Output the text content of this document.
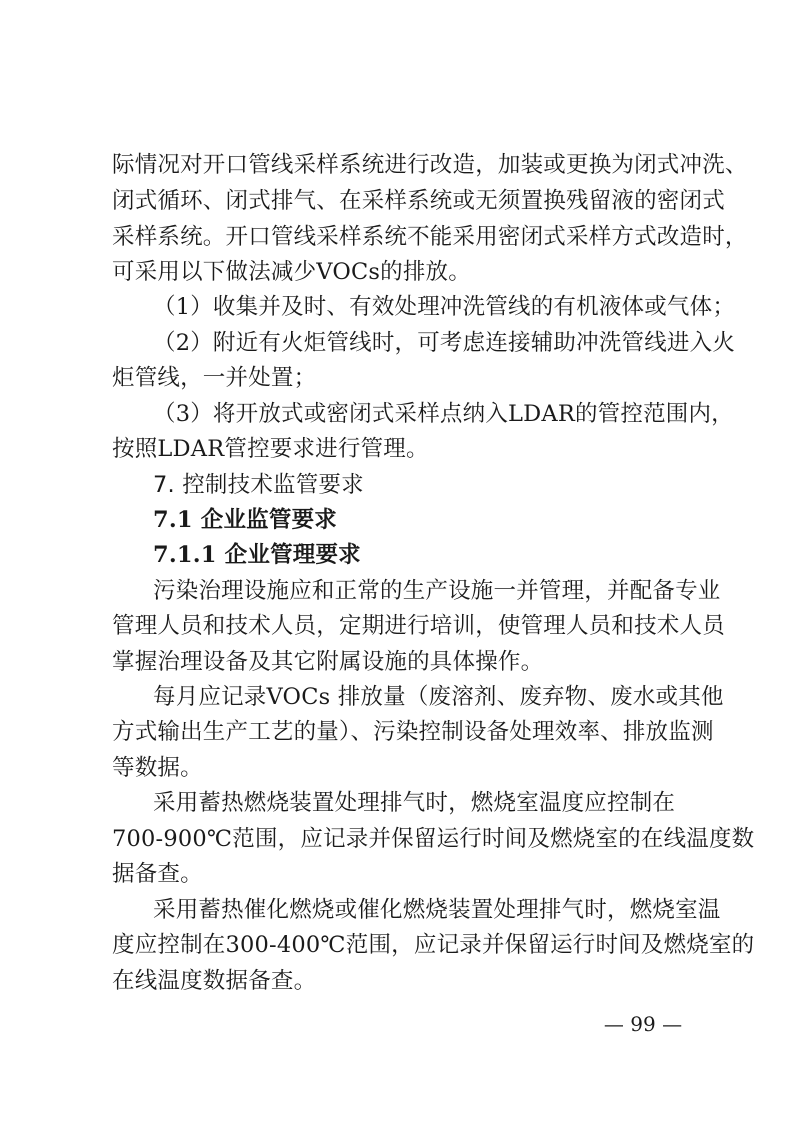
际情况对开口管线采样系统进行改造，加装或更换为闭式冲洗、
闭式循环、闭式排气、在采样系统或无须置换残留液的密闭式
采样系统。开口管线采样系统不能采用密闭式采样方式改造时，
可采用以下做法减少VOCs的排放。
（1）收集并及时、有效处理冲洗管线的有机液体或气体；
（2）附近有火炬管线时，可考虑连接辅助冲洗管线进入火
炬管线，一并处置；
（3）将开放式或密闭式采样点纳入LDAR的管控范围内，
按照LDAR管控要求进行管理。
7. 控制技术监管要求
7.1 企业监管要求
7.1.1 企业管理要求
污染治理设施应和正常的生产设施一并管理，并配备专业
管理人员和技术人员，定期进行培训，使管理人员和技术人员
掌握治理设备及其它附属设施的具体操作。
每月应记录VOCs 排放量（废溶剂、废弃物、废水或其他
方式输出生产工艺的量）、污染控制设备处理效率、排放监测
等数据。
采用蓄热燃烧装置处理排气时，燃烧室温度应控制在
700-900℃范围，应记录并保留运行时间及燃烧室的在线温度数
据备查。
采用蓄热催化燃烧或催化燃烧装置处理排气时，燃烧室温
度应控制在300-400℃范围，应记录并保留运行时间及燃烧室的
在线温度数据备查。
— 99 —
